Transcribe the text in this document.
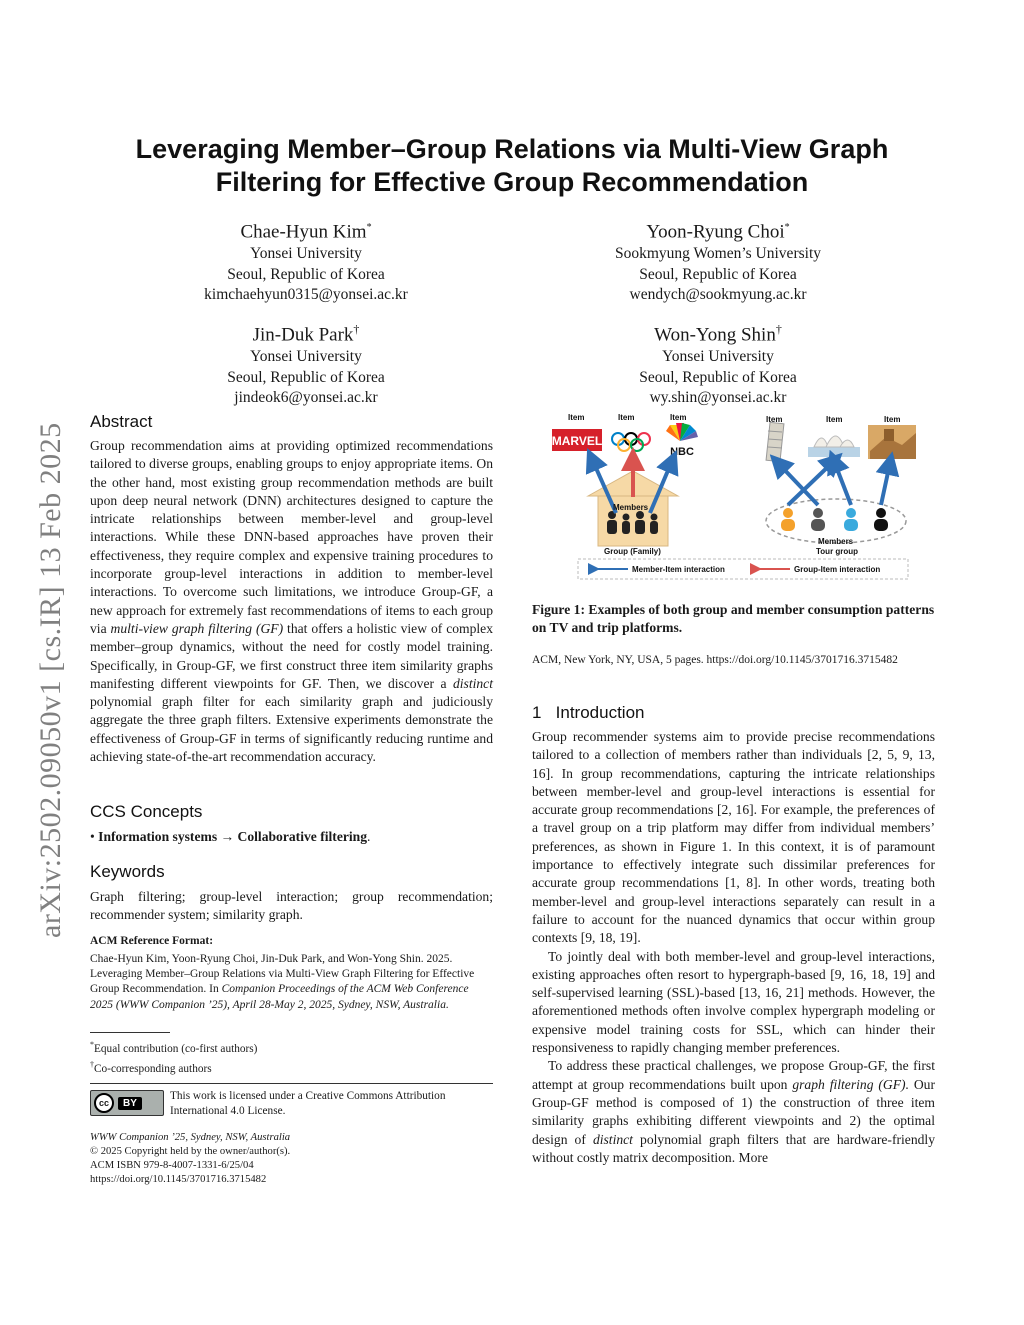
arXiv:2502.09050v1 [cs.IR] 13 Feb 2025
Leveraging Member–Group Relations via Multi-View Graph
Filtering for Effective Group Recommendation
Chae-Hyun Kim*
Yonsei University
Seoul, Republic of Korea
kimchaehyun0315@yonsei.ac.kr
Yoon-Ryung Choi*
Sookmyung Women’s University
Seoul, Republic of Korea
wendych@sookmyung.ac.kr
Jin-Duk Park†
Yonsei University
Seoul, Republic of Korea
jindeok6@yonsei.ac.kr
Won-Yong Shin†
Yonsei University
Seoul, Republic of Korea
wy.shin@yonsei.ac.kr
Abstract
Group recommendation aims at providing optimized recommendations tailored to diverse groups, enabling groups to enjoy appropriate items. On the other hand, most existing group recommendation methods are built upon deep neural network (DNN) architectures designed to capture the intricate relationships between member-level and group-level interactions. While these DNN-based approaches have proven their effectiveness, they require complex and expensive training procedures to incorporate group-level interactions in addition to member-level interactions. To overcome such limitations, we introduce Group-GF, a new approach for extremely fast recommendations of items to each group via multi-view graph filtering (GF) that offers a holistic view of complex member–group dynamics, without the need for costly model training. Specifically, in Group-GF, we first construct three item similarity graphs manifesting different viewpoints for GF. Then, we discover a distinct polynomial graph filter for each similarity graph and judiciously aggregate the three graph filters. Extensive experiments demonstrate the effectiveness of Group-GF in terms of significantly reducing runtime and achieving state-of-the-art recommendation accuracy.
CCS Concepts
• Information systems → Collaborative filtering.
Keywords
Graph filtering; group-level interaction; group recommendation; recommender system; similarity graph.
ACM Reference Format:
Chae-Hyun Kim, Yoon-Ryung Choi, Jin-Duk Park, and Won-Yong Shin. 2025. Leveraging Member–Group Relations via Multi-View Graph Filtering for Effective Group Recommendation. In Companion Proceedings of the ACM Web Conference 2025 (WWW Companion ’25), April 28-May 2, 2025, Sydney, NSW, Australia.
*Equal contribution (co-first authors)
†Co-corresponding authors
cc	BY
This work is licensed under a Creative Commons Attribution International 4.0 License.
WWW Companion ’25, Sydney, NSW, Australia
© 2025 Copyright held by the owner/author(s).
ACM ISBN 979-8-4007-1331-6/25/04
https://doi.org/10.1145/3701716.3715482
MARVEL
NBC
Item	Item	Item	Item	Item	Item
Members
Group (Family)
Members
Tour group
Member-Item interaction	Group-Item interaction
Figure 1: Examples of both group and member consumption patterns on TV and trip platforms.
ACM, New York, NY, USA, 5 pages. https://doi.org/10.1145/3701716.3715482
1 Introduction

Group recommender systems aim to provide precise recommendations tailored to a collection of members rather than individuals [2, 5, 9, 13, 16]. In group recommendations, capturing the intricate relationships between member-level and group-level interactions is essential for accurate group recommendations [2, 16]. For example, the preferences of a travel group on a trip platform may differ from individual members’ preferences, as shown in Figure 1. In this context, it is of paramount importance to effectively integrate such dissimilar preferences for accurate group recommendations [1, 8]. In other words, treating both member-level and group-level interactions separately can result in a failure to account for the nuanced dynamics that occur within group contexts [9, 18, 19].

To jointly deal with both member-level and group-level interactions, existing approaches often resort to hypergraph-based [9, 16, 18, 19] and self-supervised learning (SSL)-based [13, 16, 21] methods. However, the aforementioned methods often involve complex hypergraph modeling or expensive model training costs for SSL, which can hinder their responsiveness to rapidly changing member preferences.

To address these practical challenges, we propose Group-GF, the first attempt at group recommendations built upon graph filtering (GF). Our Group-GF method is composed of 1) the construction of three item similarity graphs exhibiting different viewpoints and 2) the optimal design of distinct polynomial graph filters that are hardware-friendly without costly matrix decomposition. More
